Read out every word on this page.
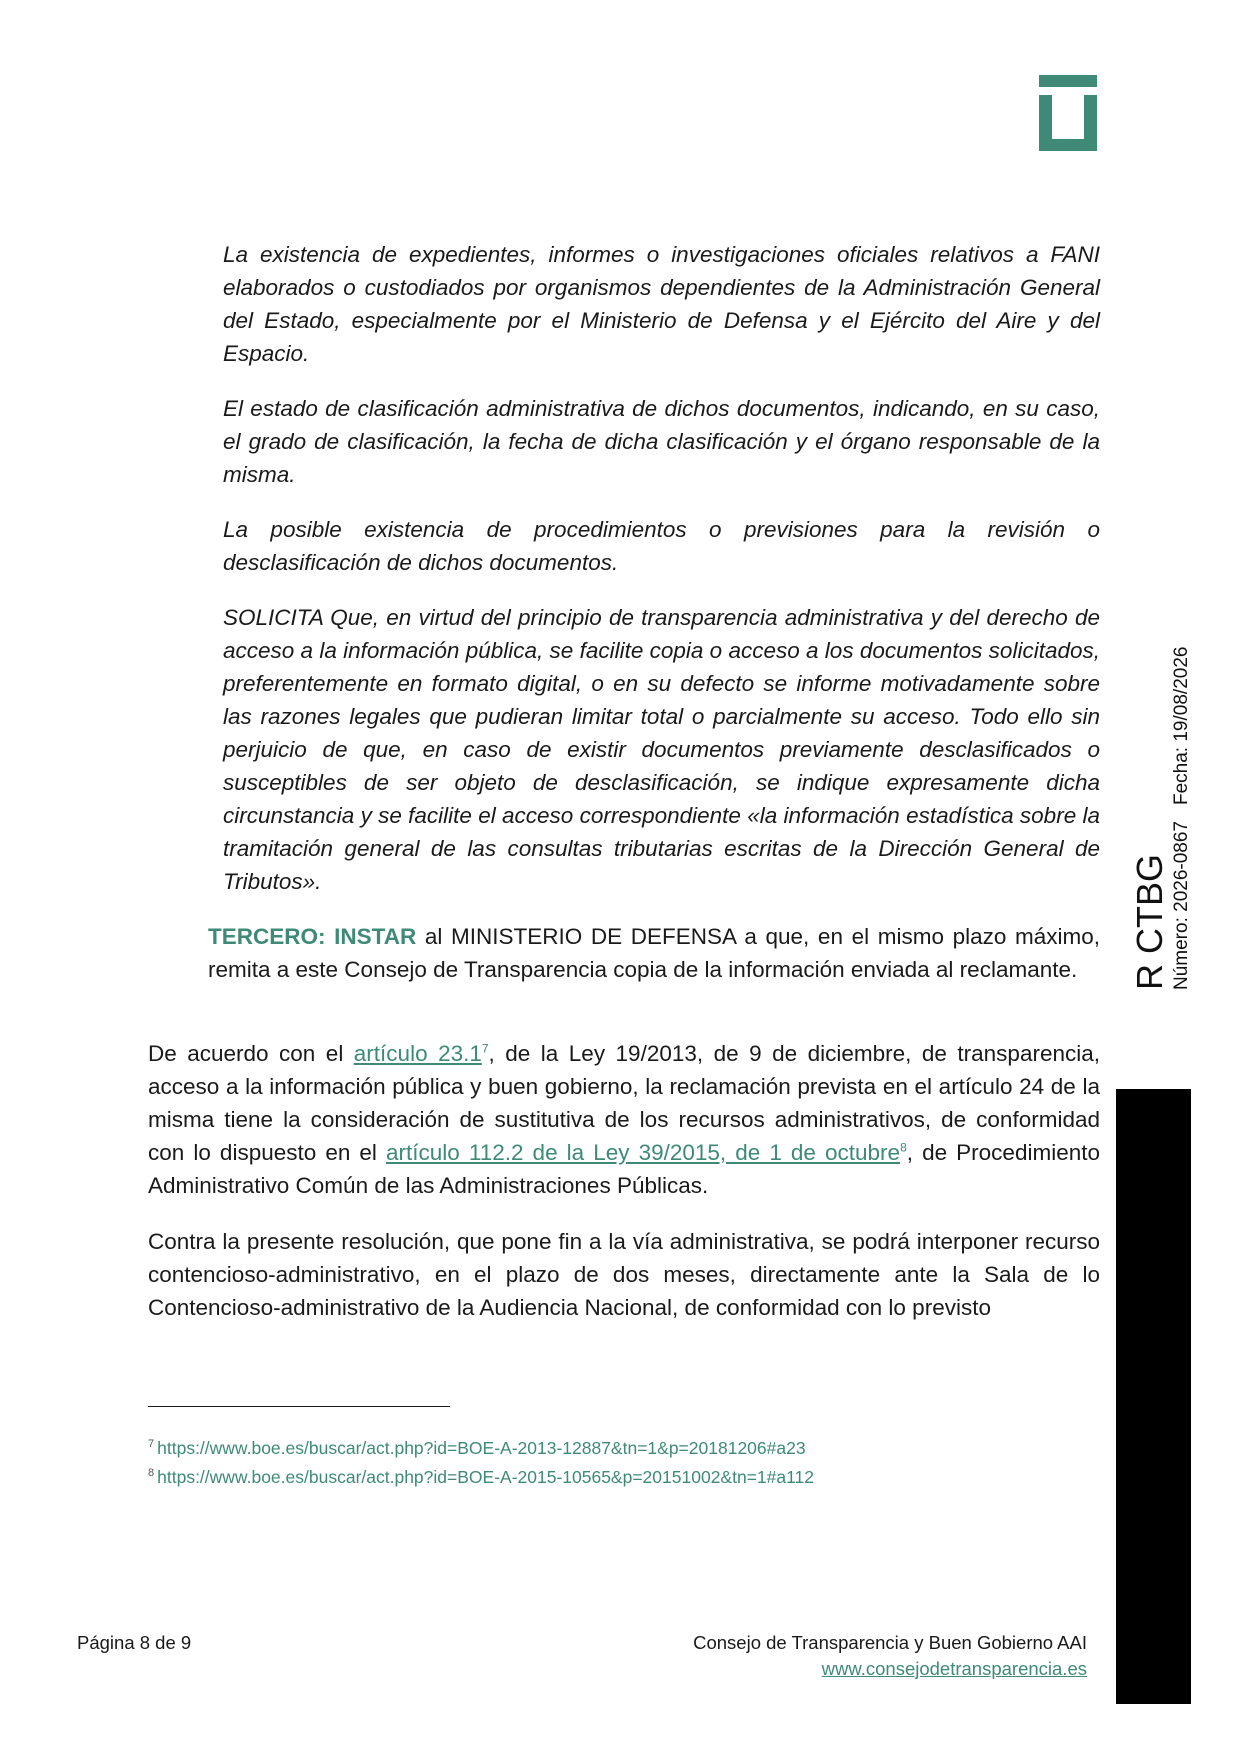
La existencia de expedientes, informes o investigaciones oficiales relativos a FANI elaborados o custodiados por organismos dependientes de la Administración General del Estado, especialmente por el Ministerio de Defensa y el Ejército del Aire y del Espacio.

El estado de clasificación administrativa de dichos documentos, indicando, en su caso, el grado de clasificación, la fecha de dicha clasificación y el órgano responsable de la misma.

La posible existencia de procedimientos o previsiones para la revisión o desclasificación de dichos documentos.

SOLICITA Que, en virtud del principio de transparencia administrativa y del derecho de acceso a la información pública, se facilite copia o acceso a los documentos solicitados, preferentemente en formato digital, o en su defecto se informe motivadamente sobre las razones legales que pudieran limitar total o parcialmente su acceso. Todo ello sin perjuicio de que, en caso de existir documentos previamente desclasificados o susceptibles de ser objeto de desclasificación, se indique expresamente dicha circunstancia y se facilite el acceso correspondiente «la información estadística sobre la tramitación general de las consultas tributarias escritas de la Dirección General de Tributos».

TERCERO: INSTAR al MINISTERIO DE DEFENSA a que, en el mismo plazo máximo, remita a este Consejo de Transparencia copia de la información enviada al reclamante.

De acuerdo con el artículo 23.1$^7$, de la Ley 19/2013, de 9 de diciembre, de transparencia, acceso a la información pública y buen gobierno, la reclamación prevista en el artículo 24 de la misma tiene la consideración de sustitutiva de los recursos administrativos, de conformidad con lo dispuesto en el artículo 112.2 de la Ley 39/2015, de 1 de octubre$^8$, de Procedimiento Administrativo Común de las Administraciones Públicas.

Contra la presente resolución, que pone fin a la vía administrativa, se podrá interponer recurso contencioso-administrativo, en el plazo de dos meses, directamente ante la Sala de lo Contencioso-administrativo de la Audiencia Nacional, de conformidad con lo previsto

$^7$ https://www.boe.es/buscar/act.php?id=BOE-A-2013-12887&tn=1&p=20181206#a23
$^8$ https://www.boe.es/buscar/act.php?id=BOE-A-2015-10565&p=20151002&tn=1#a112
R CTBG Número: 2026-0867Fecha: 19/08/2026
Página 8 de 9	Consejo de Transparencia y Buen Gobierno AAI
www.consejodetransparencia.es
